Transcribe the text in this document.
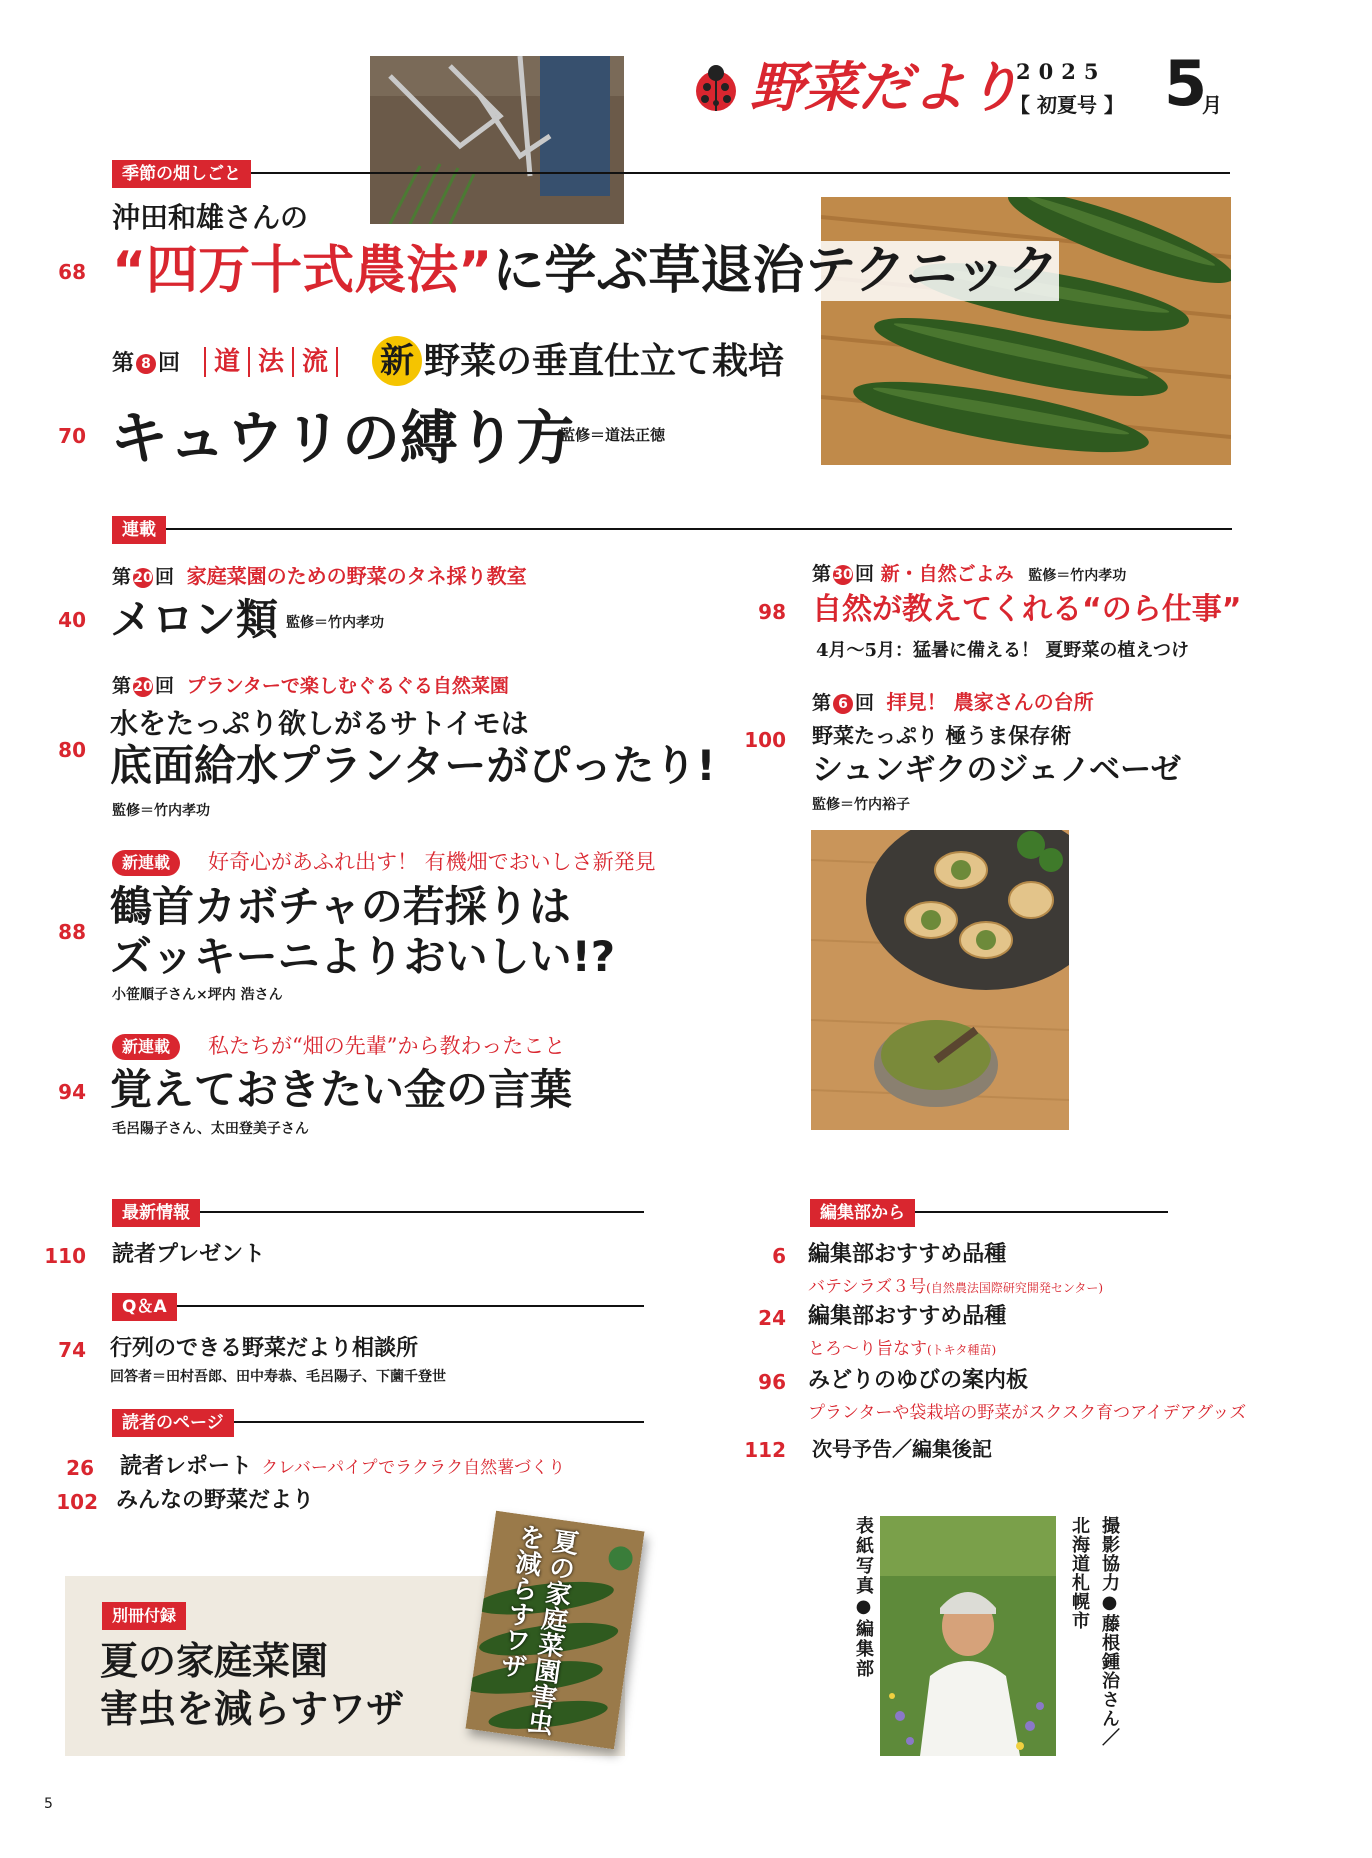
野菜だより
2025
【 初夏号 】 5
月
季節の畑しごと
沖田和雄さんの
68 “四万十式農法”に学ぶ草退治テクニック
第 8 回	道 法 流 新 野菜の垂直仕立て栽培
70 キュウリの縛り方
監修＝道法正徳
連載
第 20 回 家庭菜園のための野菜のタネ採り教室
40 メロン類 監修＝竹内孝功
第 20 回 プランターで楽しむぐるぐる自然菜園
水をたっぷり欲しがるサトイモは
80 底面給水プランターがぴったり!
監修＝竹内孝功
新連載	好奇心があふれ出す！ 有機畑でおいしさ新発見
88
鶴首カボチャの若採りは
ズッキーニよりおいしい!?
小笹順子さん×坪内 浩さん
新連載	私たちが“畑の先輩”から教わったこと
94 覚えておきたい金の言葉
毛呂陽子さん、太田登美子さん
第 30 回 新・自然ごよみ 監修＝竹内孝功
98 自然が教えてくれる“のら仕事”
4月〜5月：猛暑に備える！ 夏野菜の植えつけ
第 6 回 拝見！ 農家さんの台所
100 野菜たっぷり 極うま保存術
シュンギクのジェノベーゼ
監修＝竹内裕子
最新情報
110 読者プレゼント
Q＆A
74 行列のできる野菜だより相談所
回答者＝田村吾郎、田中寿恭、毛呂陽子、下薗千登世
読者のページ
26 読者レポート クレバーパイプでラクラク自然薯づくり
102 みんなの野菜だより
編集部から
6 編集部おすすめ品種
バテシラズ３号(自然農法国際研究開発センター)
24 編集部おすすめ品種
とろ〜り旨なす(トキタ種苗)
96 みどりのゆびの案内板
プランターや袋栽培の野菜がスクスク育つアイデアグッズ
112 次号予告／編集後記
別冊付録
夏の家庭菜園
害虫を減らすワザ	夏の家庭菜園害虫を減らすワザ	表紙写真●編集部	撮影協力●藤根鍾治さん／北海道札幌市
5
